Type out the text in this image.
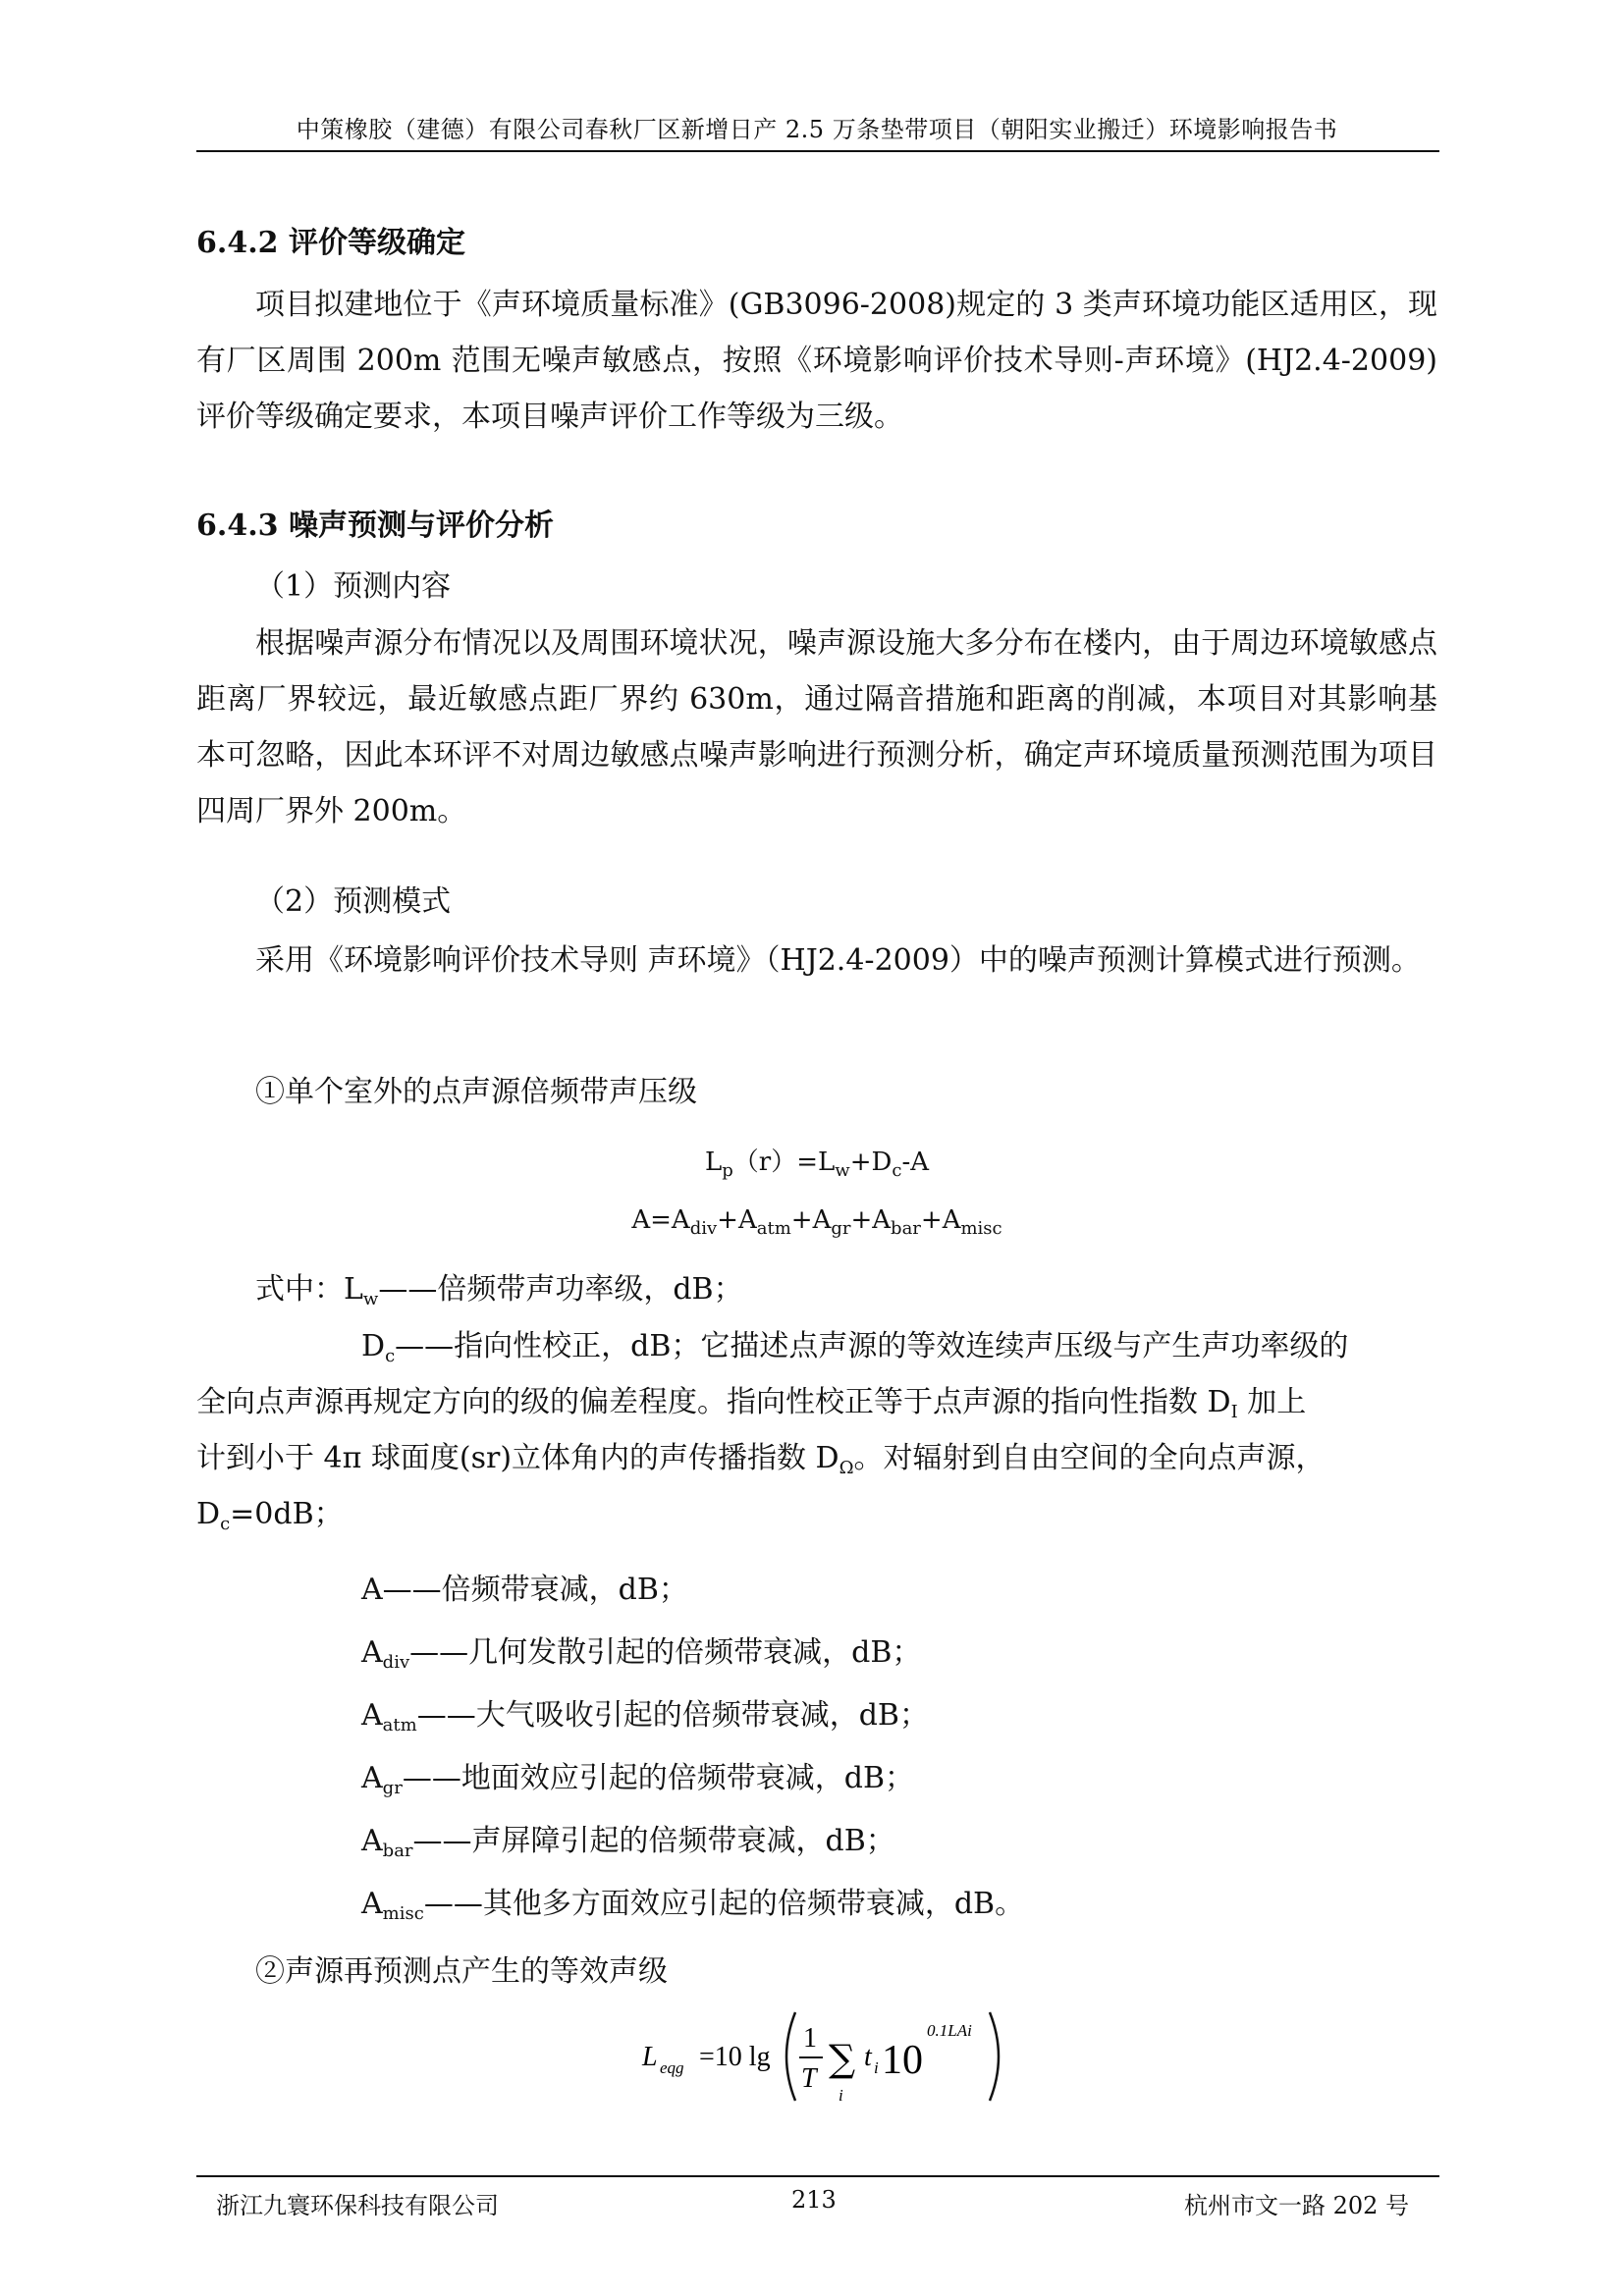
中策橡胶（建德）有限公司春秋厂区新增日产 2.5 万条垫带项目（朝阳实业搬迁）环境影响报告书
6.4.2 评价等级确定
项目拟建地位于《声环境质量标准》(GB3096-2008)规定的 3 类声环境功能区适用区，现有厂区周围 200m 范围无噪声敏感点，按照《环境影响评价技术导则-声环境》(HJ2.4-2009)评价等级确定要求，本项目噪声评价工作等级为三级。
6.4.3 噪声预测与评价分析
（1）预测内容
根据噪声源分布情况以及周围环境状况，噪声源设施大多分布在楼内，由于周边环境敏感点距离厂界较远，最近敏感点距厂界约 630m，通过隔音措施和距离的削减，本项目对其影响基本可忽略，因此本环评不对周边敏感点噪声影响进行预测分析，确定声环境质量预测范围为项目四周厂界外 200m。
（2）预测模式
采用《环境影响评价技术导则 声环境》（HJ2.4-2009）中的噪声预测计算模式进行预测。
①单个室外的点声源倍频带声压级
$L_p(r)=L_w+D_c-A$
$A=A_{div}+A_{atm}+A_{gr}+A_{bar}+A_{misc}$
式中：$L_w——$倍频带声功率级，dB；
$D_c——$指向性校正，dB；它描述点声源的等效连续声压级与产生声功率级的
全向点声源再规定方向的级的偏差程度。指向性校正等于点声源的指向性指数 $D_I$ 加上
计到小于 4π 球面度(sr)立体角内的声传播指数 $D_\Omega$。对辐射到自由空间的全向点声源，
$D_c=0dB$；
A——倍频带衰减，dB；
$A_{div}——$几何发散引起的倍频带衰减，dB；
$A_{atm}——$大气吸收引起的倍频带衰减，dB；
$A_{gr}——$地面效应引起的倍频带衰减，dB；
$A_{bar}——$声屏障引起的倍频带衰减，dB；
$A_{misc}——$其他多方面效应引起的倍频带衰减，dB。
②声源再预测点产生的等效声级
L eqg =10 lg
1
T ∑
i
t i 10
0.1LAi
浙江九寰环保科技有限公司	213	杭州市文一路 202 号
